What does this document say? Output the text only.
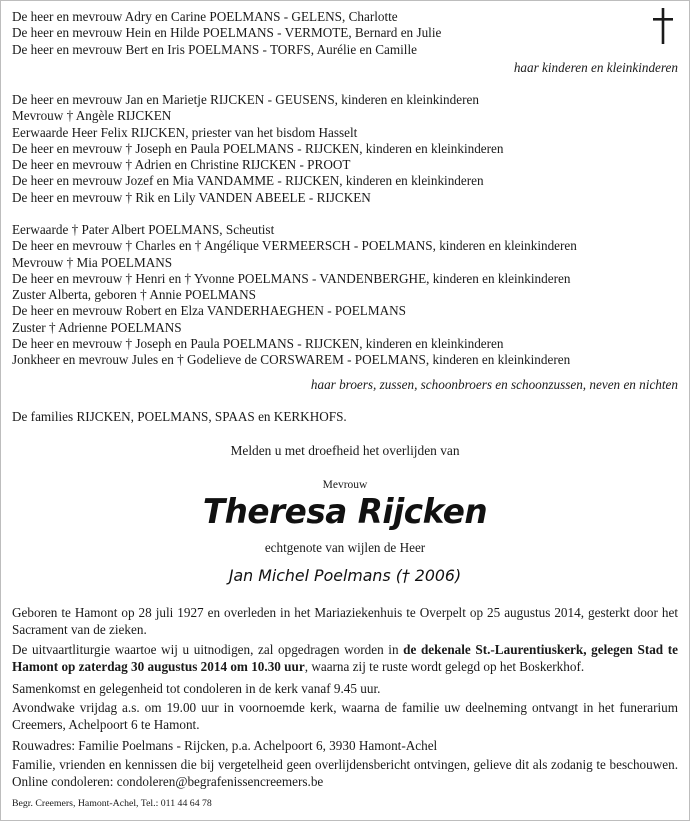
De heer en mevrouw Adry en Carine POELMANS - GELENS, Charlotte
De heer en mevrouw Hein en Hilde POELMANS - VERMOTE, Bernard en Julie
De heer en mevrouw Bert en Iris POELMANS - TORFS, Aurélie en Camille
haar kinderen en kleinkinderen
De heer en mevrouw Jan en Marietje RIJCKEN - GEUSENS, kinderen en kleinkinderen
Mevrouw † Angèle RIJCKEN
Eerwaarde Heer Felix RIJCKEN, priester van het bisdom Hasselt
De heer en mevrouw † Joseph en Paula POELMANS - RIJCKEN, kinderen en kleinkinderen
De heer en mevrouw † Adrien en Christine RIJCKEN - PROOT
De heer en mevrouw Jozef en Mia VANDAMME - RIJCKEN, kinderen en kleinkinderen
De heer en mevrouw † Rik en Lily VANDEN ABEELE - RIJCKEN
Eerwaarde † Pater Albert POELMANS, Scheutist
De heer en mevrouw † Charles en † Angélique VERMEERSCH - POELMANS, kinderen en kleinkinderen
Mevrouw † Mia POELMANS
De heer en mevrouw † Henri en † Yvonne POELMANS - VANDENBERGHE, kinderen en kleinkinderen
Zuster Alberta, geboren † Annie POELMANS
De heer en mevrouw Robert en Elza VANDERHAEGHEN - POELMANS
Zuster † Adrienne POELMANS
De heer en mevrouw † Joseph en Paula POELMANS - RIJCKEN, kinderen en kleinkinderen
Jonkheer en mevrouw Jules en † Godelieve de CORSWAREM - POELMANS, kinderen en kleinkinderen
haar broers, zussen, schoonbroers en schoonzussen, neven en nichten
De families RIJCKEN, POELMANS, SPAAS en KERKHOFS.
Melden u met droefheid het overlijden van
Mevrouw
Theresa Rijcken
echtgenote van wijlen de Heer
Jan Michel Poelmans († 2006)

Geboren te Hamont op 28 juli 1927 en overleden in het Mariaziekenhuis te Overpelt op 25 augustus 2014, gesterkt door het Sacrament van de zieken.

De uitvaartliturgie waartoe wij u uitnodigen, zal opgedragen worden in de dekenale St.-Laurentiuskerk, gelegen Stad te Hamont op zaterdag 30 augustus 2014 om 10.30 uur, waarna zij te ruste wordt gelegd op het Boskerkhof.

Samenkomst en gelegenheid tot condoleren in de kerk vanaf 9.45 uur.

Avondwake vrijdag a.s. om 19.00 uur in voornoemde kerk, waarna de familie uw deelneming ontvangt in het funerarium Creemers, Achelpoort 6 te Hamont.

Rouwadres: Familie Poelmans - Rijcken, p.a. Achelpoort 6, 3930 Hamont-Achel

Familie, vrienden en kennissen die bij vergetelheid geen overlijdensbericht ontvingen, gelieve dit als zodanig te beschouwen. Online condoleren: condoleren@begrafenissencreemers.be

Begr. Creemers, Hamont-Achel, Tel.: 011 44 64 78
